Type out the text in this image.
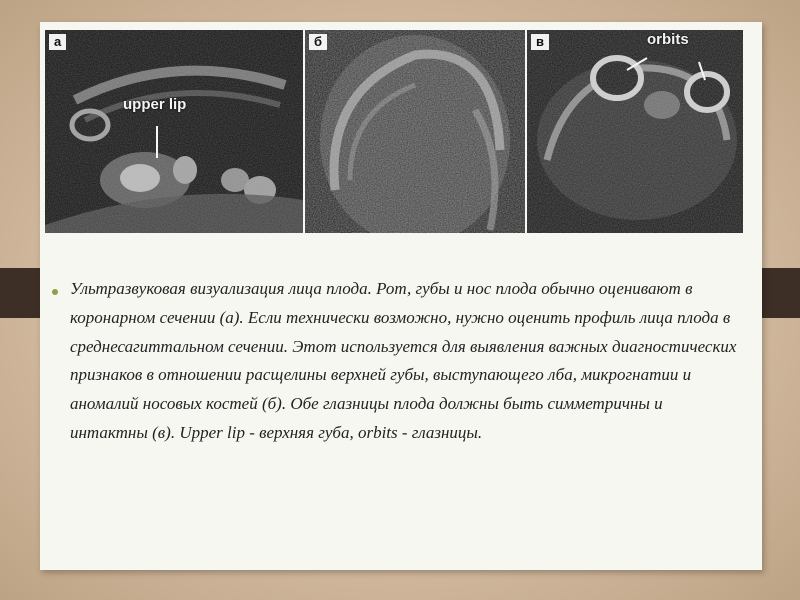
а
upper lip
б	в	orbits

Ультразвуковая визуализация лица плода. Рот, губы и нос плода обычно оценивают в коронарном сечении (а). Если технически возможно, нужно оценить профиль лица плода в среднесагиттальном сечении. Этот используется для выявления важных диагностических признаков в отношении расщелины верхней губы, выступающего лба, микрогнатии и аномалий носовых костей (б). Обе глазницы плода должны быть симметричны и интактны (в). Upper lip - верхняя губа, orbits - глазницы.
